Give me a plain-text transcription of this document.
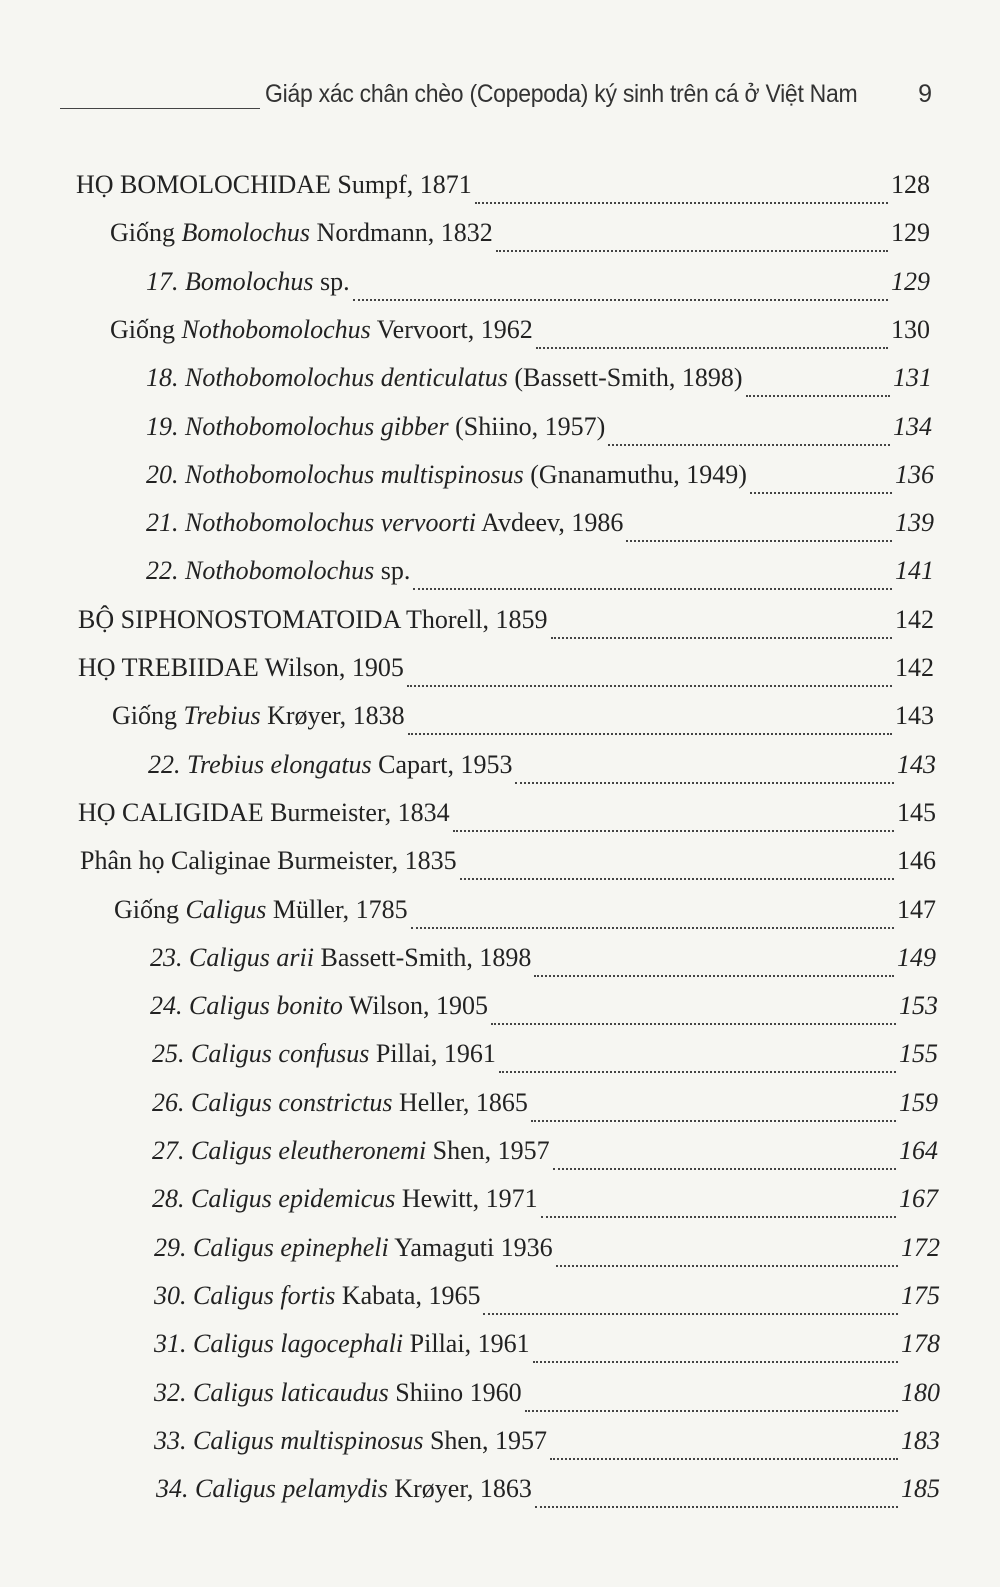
Giáp xác chân chèo (Copepoda) ký sinh trên cá ở Việt Nam 9
HỌ BOMOLOCHIDAE Sumpf, 1871	128
Giống Bomolochus Nordmann, 1832	129
17. Bomolochus sp.	129
Giống Nothobomolochus Vervoort, 1962	130
18. Nothobomolochus denticulatus (Bassett-Smith, 1898)	131
19. Nothobomolochus gibber (Shiino, 1957)	134
20. Nothobomolochus multispinosus (Gnanamuthu, 1949)	136
21. Nothobomolochus vervoorti Avdeev, 1986	139
22. Nothobomolochus sp.	141
BỘ SIPHONOSTOMATOIDA Thorell, 1859	142
HỌ TREBIIDAE Wilson, 1905	142
Giống Trebius Krøyer, 1838	143
22. Trebius elongatus Capart, 1953	143
HỌ CALIGIDAE Burmeister, 1834	145
Phân họ Caliginae Burmeister, 1835	146
Giống Caligus Müller, 1785	147
23. Caligus arii Bassett-Smith, 1898	149
24. Caligus bonito Wilson, 1905	153
25. Caligus confusus Pillai, 1961	155
26. Caligus constrictus Heller, 1865	159
27. Caligus eleutheronemi Shen, 1957	164
28. Caligus epidemicus Hewitt, 1971	167
29. Caligus epinepheli Yamaguti 1936	172
30. Caligus fortis Kabata, 1965	175
31. Caligus lagocephali Pillai, 1961	178
32. Caligus laticaudus Shiino 1960	180
33. Caligus multispinosus Shen, 1957	183
34. Caligus pelamydis Krøyer, 1863	185
